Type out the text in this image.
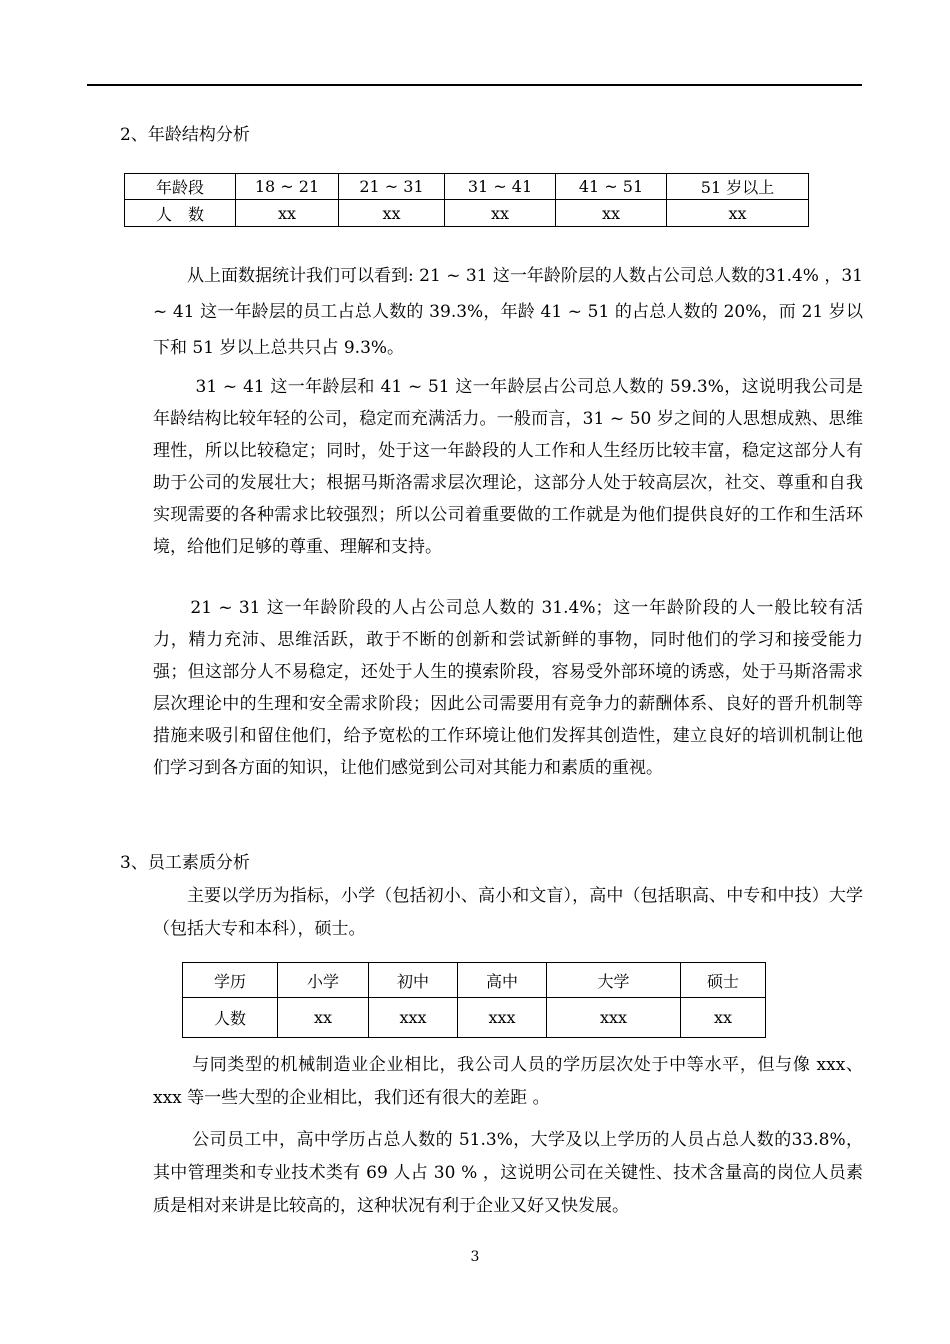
2、年龄结构分析
年龄段	18 ~ 21	21 ~ 31	31 ~ 41	41 ~ 51	51 岁以上
人　数	xx	xx	xx	xx	xx

从上面数据统计我们可以看到: 21 ~ 31 这一年龄阶层的人数占公司总人数的31.4% ，31 ~ 41 这一年龄层的员工占总人数的 39.3%，年龄 41 ~ 51 的占总人数的 20%，而 21 岁以下和 51 岁以上总共只占 9.3%。

31 ~ 41 这一年龄层和 41 ~ 51 这一年龄层占公司总人数的 59.3%，这说明我公司是年龄结构比较年轻的公司，稳定而充满活力。一般而言，31 ~ 50 岁之间的人思想成熟、思维理性，所以比较稳定；同时，处于这一年龄段的人工作和人生经历比较丰富，稳定这部分人有助于公司的发展壮大；根据马斯洛需求层次理论，这部分人处于较高层次，社交、尊重和自我实现需要的各种需求比较强烈；所以公司着重要做的工作就是为他们提供良好的工作和生活环境，给他们足够的尊重、理解和支持。

21 ~ 31 这一年龄阶段的人占公司总人数的 31.4%；这一年龄阶段的人一般比较有活力，精力充沛、思维活跃，敢于不断的创新和尝试新鲜的事物，同时他们的学习和接受能力强；但这部分人不易稳定，还处于人生的摸索阶段，容易受外部环境的诱惑，处于马斯洛需求层次理论中的生理和安全需求阶段；因此公司需要用有竞争力的薪酬体系、良好的晋升机制等措施来吸引和留住他们，给予宽松的工作环境让他们发挥其创造性，建立良好的培训机制让他们学习到各方面的知识，让他们感觉到公司对其能力和素质的重视。

3、员工素质分析

主要以学历为指标，小学（包括初小、高小和文盲），高中（包括职高、中专和中技）大学（包括大专和本科），硕士。

学历	小学	初中	高中	大学	硕士
人数	xx	xxx	xxx	xxx	xx

与同类型的机械制造业企业相比，我公司人员的学历层次处于中等水平，但与像 xxx、xxx 等一些大型的企业相比，我们还有很大的差距 。

公司员工中，高中学历占总人数的 51.3%，大学及以上学历的人员占总人数的33.8%，其中管理类和专业技术类有 69 人占 30 % ，这说明公司在关键性、技术含量高的岗位人员素质是相对来讲是比较高的，这种状况有利于企业又好又快发展。

3
